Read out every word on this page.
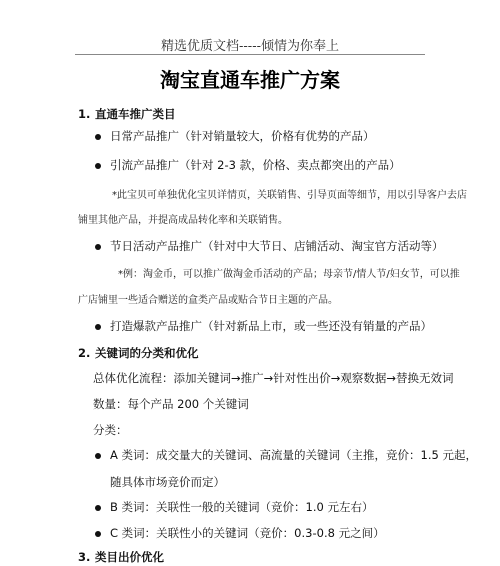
精选优质文档-----倾情为你奉上
淘宝直通车推广方案
1. 直通车推广类目
日常产品推广（针对销量较大，价格有优势的产品）
引流产品推广（针对 2-3 款，价格、卖点都突出的产品）
*此宝贝可单独优化宝贝详情页，关联销售、引导页面等细节，用以引导客户去店
铺里其他产品，并提高成品转化率和关联销售。
节日活动产品推广（针对中大节日、店铺活动、淘宝官方活动等）
*例：淘金币，可以推广做淘金币活动的产品；母亲节/情人节/妇女节，可以推
广店铺里一些适合赠送的盒类产品或贴合节日主题的产品。
打造爆款产品推广（针对新品上市，或一些还没有销量的产品）
2. 关键词的分类和优化
总体优化流程：添加关键词→推广→针对性出价→观察数据→替换无效词
数量：每个产品 200 个关键词
分类：
A 类词：成交量大的关键词、高流量的关键词（主推，竞价：1.5 元起，
随具体市场竞价而定）
B 类词：关联性一般的关键词（竞价：1.0 元左右）
C 类词：关联性小的关键词（竞价：0.3-0.8 元之间）
3. 类目出价优化
